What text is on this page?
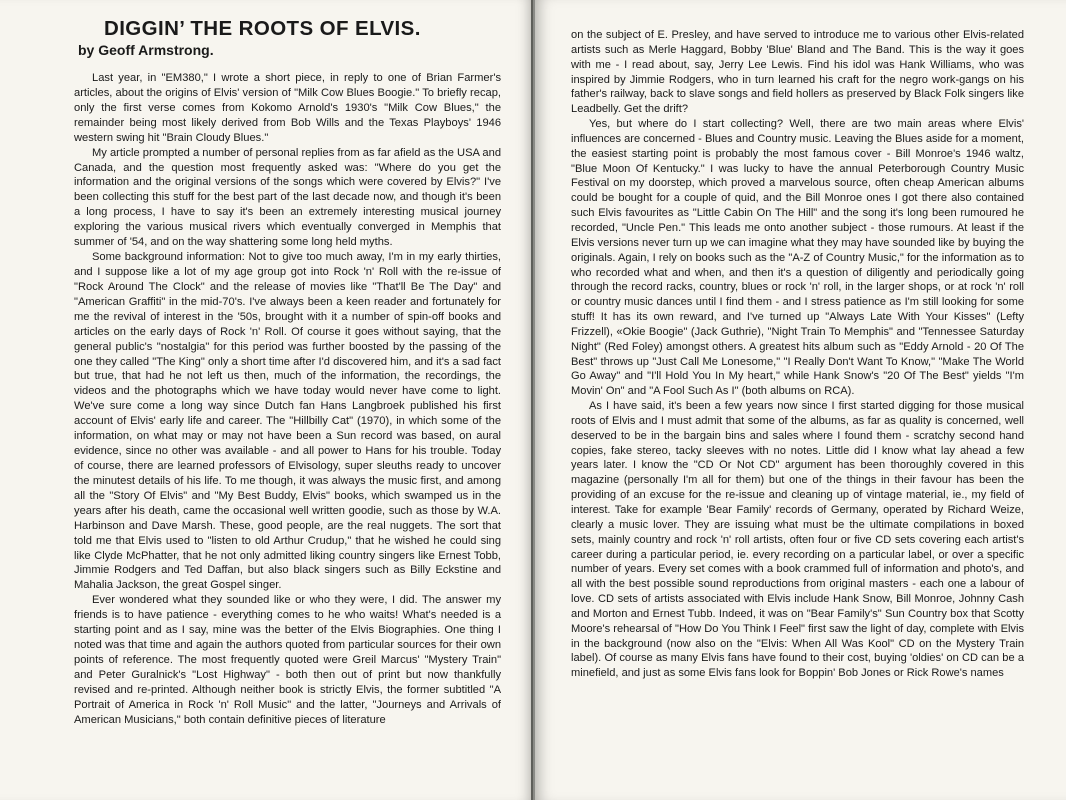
DIGGIN’ THE ROOTS OF ELVIS.
by Geoff Armstrong.

Last year, in "EM380," I wrote a short piece, in reply to one of Brian Farmer's articles, about the origins of Elvis' version of "Milk Cow Blues Boogie." To briefly recap, only the first verse comes from Kokomo Arnold's 1930's "Milk Cow Blues," the remainder being most likely derived from Bob Wills and the Texas Playboys' 1946 western swing hit "Brain Cloudy Blues."

My article prompted a number of personal replies from as far afield as the USA and Canada, and the question most frequently asked was: "Where do you get the information and the original versions of the songs which were covered by Elvis?" I've been collecting this stuff for the best part of the last decade now, and though it's been a long process, I have to say it's been an extremely interesting musical journey exploring the various musical rivers which eventually converged in Memphis that summer of '54, and on the way shattering some long held myths.

Some background information: Not to give too much away, I'm in my early thirties, and I suppose like a lot of my age group got into Rock 'n' Roll with the re-issue of "Rock Around The Clock" and the release of movies like "That'll Be The Day" and "American Graffiti" in the mid-70's. I've always been a keen reader and fortunately for me the revival of interest in the '50s, brought with it a number of spin-off books and articles on the early days of Rock 'n' Roll. Of course it goes without saying, that the general public's "nostalgia" for this period was further boosted by the passing of the one they called "The King" only a short time after I'd discovered him, and it's a sad fact but true, that had he not left us then, much of the information, the recordings, the videos and the photographs which we have today would never have come to light. We've sure come a long way since Dutch fan Hans Langbroek published his first account of Elvis' early life and career. The "Hillbilly Cat" (1970), in which some of the information, on what may or may not have been a Sun record was based, on aural evidence, since no other was available - and all power to Hans for his trouble. Today of course, there are learned professors of Elvisology, super sleuths ready to uncover the minutest details of his life. To me though, it was always the music first, and among all the "Story Of Elvis" and "My Best Buddy, Elvis" books, which swamped us in the years after his death, came the occasional well written goodie, such as those by W.A. Harbinson and Dave Marsh. These, good people, are the real nuggets. The sort that told me that Elvis used to "listen to old Arthur Crudup," that he wished he could sing like Clyde McPhatter, that he not only admitted liking country singers like Ernest Tobb, Jimmie Rodgers and Ted Daffan, but also black singers such as Billy Eckstine and Mahalia Jackson, the great Gospel singer.

Ever wondered what they sounded like or who they were, I did. The answer my friends is to have patience - everything comes to he who waits! What's needed is a starting point and as I say, mine was the better of the Elvis Biographies. One thing I noted was that time and again the authors quoted from particular sources for their own points of reference. The most frequently quoted were Greil Marcus' "Mystery Train" and Peter Guralnick's "Lost Highway" - both then out of print but now thankfully revised and re-printed. Although neither book is strictly Elvis, the former subtitled "A Portrait of America in Rock 'n' Roll Music" and the latter, "Journeys and Arrivals of American Musicians," both contain definitive pieces of literature

on the subject of E. Presley, and have served to introduce me to various other Elvis-related artists such as Merle Haggard, Bobby 'Blue' Bland and The Band. This is the way it goes with me - I read about, say, Jerry Lee Lewis. Find his idol was Hank Williams, who was inspired by Jimmie Rodgers, who in turn learned his craft for the negro work-gangs on his father's railway, back to slave songs and field hollers as preserved by Black Folk singers like Leadbelly. Get the drift?

Yes, but where do I start collecting? Well, there are two main areas where Elvis' influences are concerned - Blues and Country music. Leaving the Blues aside for a moment, the easiest starting point is probably the most famous cover - Bill Monroe's 1946 waltz, "Blue Moon Of Kentucky." I was lucky to have the annual Peterborough Country Music Festival on my doorstep, which proved a marvelous source, often cheap American albums could be bought for a couple of quid, and the Bill Monroe ones I got there also contained such Elvis favourites as "Little Cabin On The Hill" and the song it's long been rumoured he recorded, "Uncle Pen." This leads me onto another subject - those rumours. At least if the Elvis versions never turn up we can imagine what they may have sounded like by buying the originals. Again, I rely on books such as the "A-Z of Country Music," for the information as to who recorded what and when, and then it's a question of diligently and periodically going through the record racks, country, blues or rock 'n' roll, in the larger shops, or at rock 'n' roll or country music dances until I find them - and I stress patience as I'm still looking for some stuff! It has its own reward, and I've turned up "Always Late With Your Kisses" (Lefty Frizzell), «Okie Boogie" (Jack Guthrie), "Night Train To Memphis" and "Tennessee Saturday Night" (Red Foley) amongst others. A greatest hits album such as "Eddy Arnold - 20 Of The Best" throws up "Just Call Me Lonesome," "I Really Don't Want To Know," "Make The World Go Away" and "I'll Hold You In My heart," while Hank Snow's "20 Of The Best" yields "I'm Movin' On" and "A Fool Such As I" (both albums on RCA).

As I have said, it's been a few years now since I first started digging for those musical roots of Elvis and I must admit that some of the albums, as far as quality is concerned, well deserved to be in the bargain bins and sales where I found them - scratchy second hand copies, fake stereo, tacky sleeves with no notes. Little did I know what lay ahead a few years later. I know the "CD Or Not CD" argument has been thoroughly covered in this magazine (personally I'm all for them) but one of the things in their favour has been the providing of an excuse for the re-issue and cleaning up of vintage material, ie., my field of interest. Take for example 'Bear Family' records of Germany, operated by Richard Weize, clearly a music lover. They are issuing what must be the ultimate compilations in boxed sets, mainly country and rock 'n' roll artists, often four or five CD sets covering each artist's career during a particular period, ie. every recording on a particular label, or over a specific number of years. Every set comes with a book crammed full of information and photo's, and all with the best possible sound reproductions from original masters - each one a labour of love. CD sets of artists associated with Elvis include Hank Snow, Bill Monroe, Johnny Cash and Morton and Ernest Tubb. Indeed, it was on "Bear Family's" Sun Country box that Scotty Moore's rehearsal of "How Do You Think I Feel" first saw the light of day, complete with Elvis in the background (now also on the "Elvis: When All Was Kool" CD on the Mystery Train label). Of course as many Elvis fans have found to their cost, buying 'oldies' on CD can be a minefield, and just as some Elvis fans look for Boppin' Bob Jones or Rick Rowe's names
